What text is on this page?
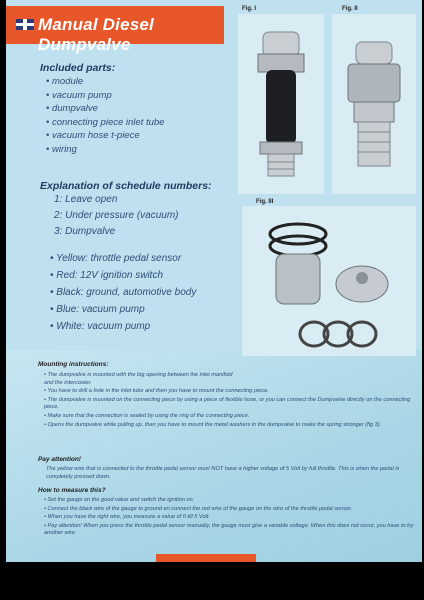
Manual Diesel Dumpvalve
Fig. I	Fig. II
Fig. III
Included parts:
• module
• vacuum pump
• dumpvalve
• connecting piece inlet tube
• vacuum hose t-piece
• wiring
Explanation of schedule numbers:
1: Leave open
2: Under pressure (vacuum)
3: Dumpvalve
• Yellow: throttle pedal sensor
• Red: 12V ignition switch
• Black: ground, automotive body
• Blue: vacuum pump
• White: vacuum pump
Mounting instructions:
• The dumpvalve is mounted with the big opening between the inlet manifold and the intercooler.
• You have to drill a hole in the inlet tube and then you have to mount the connecting piece.
• The dumpvalve is mounted on the connecting piece by using a piece of flexible hose, or you can connect the Dumpvalve directly on the connecting piece.
• Make sure that the connection is sealed by using the ring of the connecting piece.
• Opens the dumpvalve while pulling up, than you have to mount the metal washers in the dumpvalve to make the spring stronger (fig 3).
Pay attention!
The yellow wire that is connected to the throttle pedal sensor must NOT have a higher voltage of 5 Volt by full throttle. This is when the pedal is completely pressed down.
How to measure this?
• Set the gauge on the good value and switch the ignition on.
• Connect the black wire of the gauge to ground en connect the red wire of the gauge on the wire of the throttle pedal sensor.
• When you have the right wire, you measure a value of 0 till 5 Volt.
• Pay attention! When you press the throttle pedal sensor manually, the gauge must give a variable voltage. When this does not occur, you have to try another wire.
